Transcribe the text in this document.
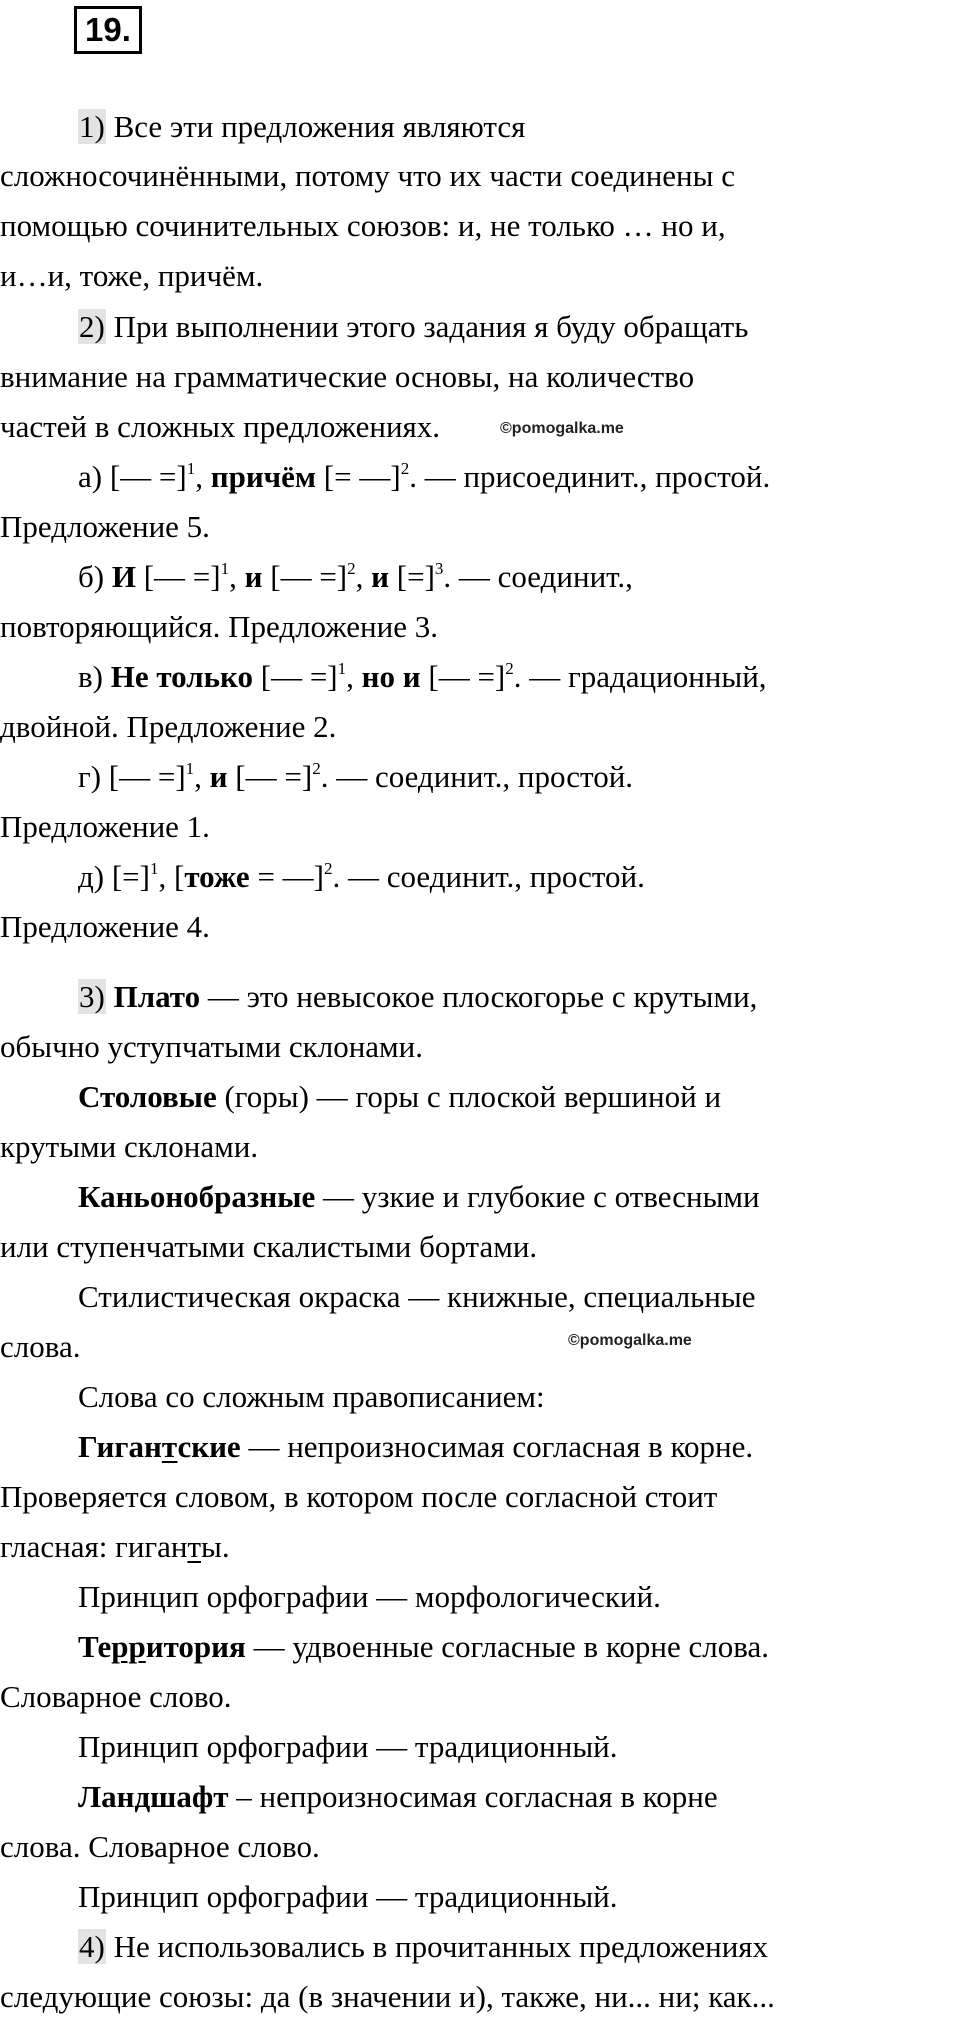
19.
1) Все эти предложения являются
сложносочинёнными, потому что их части соединены с
помощью сочинительных союзов: и, не только … но и,
и…и, тоже, причём.
2) При выполнении этого задания я буду обращать
внимание на грамматические основы, на количество
частей в сложных предложениях.	©pomogalka.me
а) [— =]$^1$, причём [= —]$^2$. — присоединит., простой.
Предложение 5.
б) И [— =]$^1$, и [— =]$^2$, и [=]$^3$. — соединит.,
повторяющийся. Предложение 3.
в) Не только [— =]$^1$, но и [— =]$^2$. — градационный,
двойной. Предложение 2.
г) [— =]$^1$, и [— =]$^2$. — соединит., простой.
Предложение 1.
д) [=]$^1$, [тоже = —]$^2$. — соединит., простой.
Предложение 4.
3) Плато — это невысокое плоскогорье с крутыми,
обычно уступчатыми склонами.
Столовые (горы) — горы с плоской вершиной и
крутыми склонами.
Каньонобразные — узкие и глубокие с отвесными
или ступенчатыми скалистыми бортами.
Стилистическая окраска — книжные, специальные
слова.	©pomogalka.me
Слова со сложным правописанием:
Гигантские — непроизносимая согласная в корне.
Проверяется словом, в котором после согласной стоит
гласная: гиганты.
Принцип орфографии — морфологический.
Территория — удвоенные согласные в корне слова.
Словарное слово.
Принцип орфографии — традиционный.
Ландшафт – непроизносимая согласная в корне
слова. Словарное слово.
Принцип орфографии — традиционный.
4) Не использовались в прочитанных предложениях
следующие союзы: да (в значении и), также, ни... ни; как...
